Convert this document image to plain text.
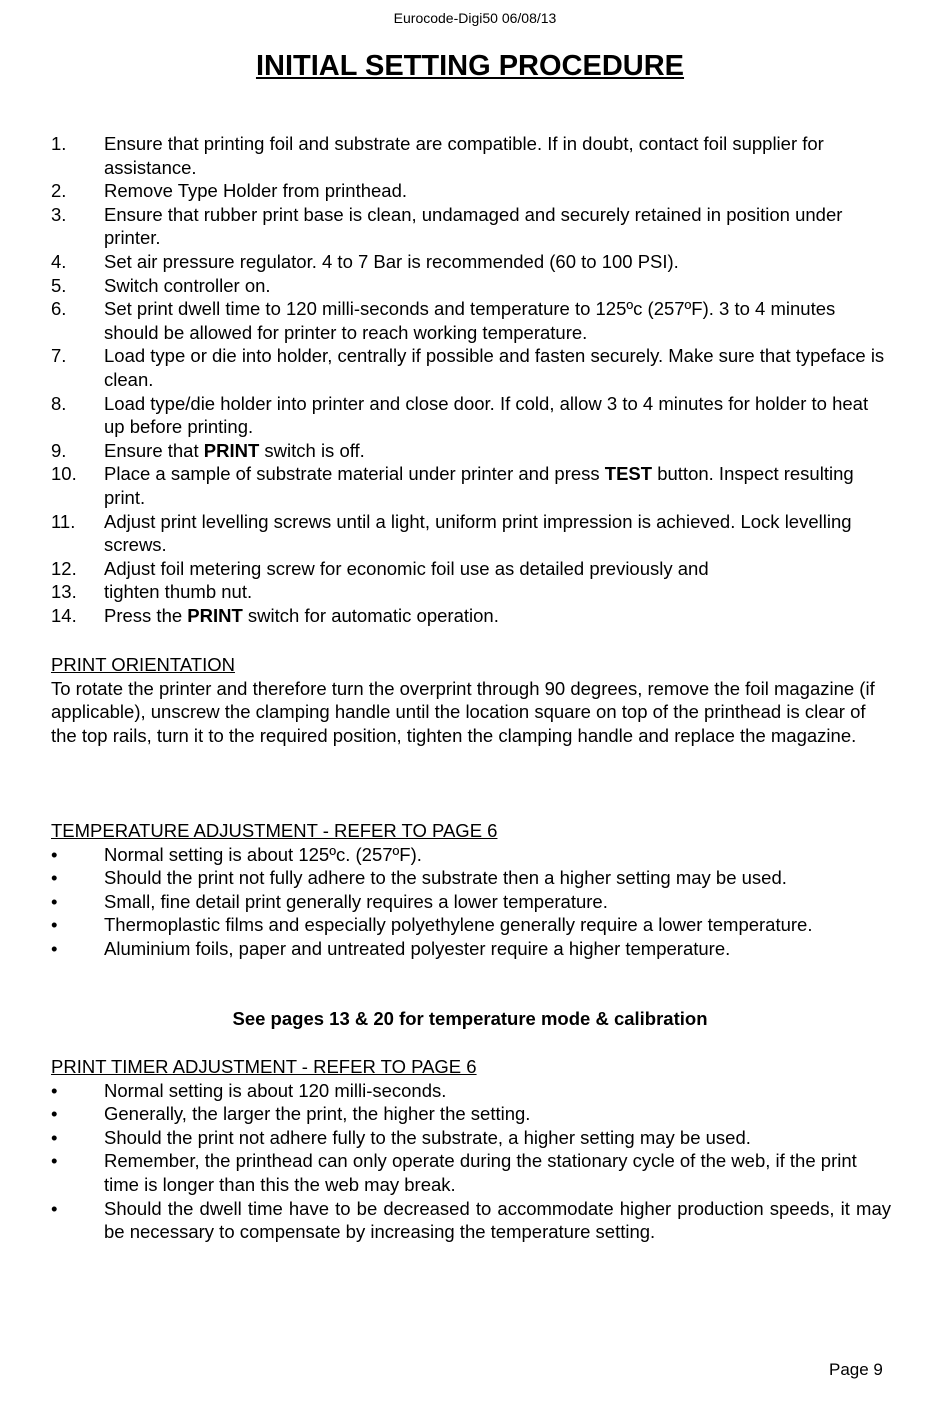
Eurocode-Digi50 06/08/13
INITIAL SETTING PROCEDURE
1.	Ensure that printing foil and substrate are compatible. If in doubt, contact foil supplier for assistance.
2.	Remove Type Holder from printhead.
3.	Ensure that rubber print base is clean, undamaged and securely retained in position under printer.
4.	Set air pressure regulator. 4 to 7 Bar is recommended (60 to 100 PSI).
5.	Switch controller on.
6.	Set print dwell time to 120 milli-seconds and temperature to 125ºc (257ºF). 3 to 4 minutes should be allowed for printer to reach working temperature.
7.	Load type or die into holder, centrally if possible and fasten securely. Make sure that typeface is clean.
8.	Load type/die holder into printer and close door. If cold, allow 3 to 4 minutes for holder to heat up before printing.
9.	Ensure that PRINT switch is off.
10.	Place a sample of substrate material under printer and press TEST button. Inspect resulting print.
11.	Adjust print levelling screws until a light, uniform print impression is achieved. Lock levelling screws.
12.	Adjust foil metering screw for economic foil use as detailed previously and
13.	tighten thumb nut.
14.	Press the PRINT switch for automatic operation.
PRINT ORIENTATION
To rotate the printer and therefore turn the overprint through 90 degrees, remove the foil magazine (if applicable), unscrew the clamping handle until the location square on top of the printhead is clear of the top rails, turn it to the required position, tighten the clamping handle and replace the magazine.
TEMPERATURE ADJUSTMENT - REFER TO PAGE 6
•	Normal setting is about 125ºc. (257ºF).
•	Should the print not fully adhere to the substrate then a higher setting may be used.
•	Small, fine detail print generally requires a lower temperature.
•	Thermoplastic films and especially polyethylene generally require a lower temperature.
•	Aluminium foils, paper and untreated polyester require a higher temperature.
See pages 13 & 20 for temperature mode & calibration
PRINT TIMER ADJUSTMENT - REFER TO PAGE 6
•	Normal setting is about 120 milli-seconds.
•	Generally, the larger the print, the higher the setting.
•	Should the print not adhere fully to the substrate, a higher setting may be used.
•	Remember, the printhead can only operate during the stationary cycle of the web, if the print time is longer than this the web may break.
•	Should the dwell time have to be decreased to accommodate higher production speeds, it may be necessary to compensate by increasing the temperature setting.
Page 9
